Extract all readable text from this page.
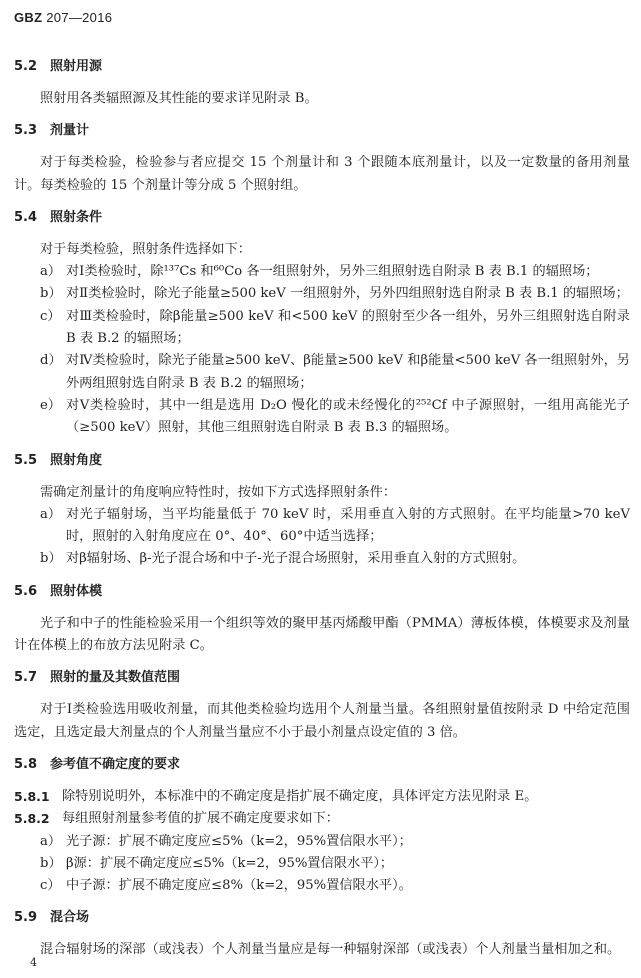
GBZ 207—2016
5.2 照射用源

照射用各类辐照源及其性能的要求详见附录 B。

5.3 剂量计

对于每类检验，检验参与者应提交 15 个剂量计和 3 个跟随本底剂量计，以及一定数量的备用剂量计。每类检验的 15 个剂量计等分成 5 个照射组。

5.4 照射条件

对于每类检验，照射条件选择如下：

a） 对Ⅰ类检验时，除¹³⁷Cs 和⁶⁰Co 各一组照射外，另外三组照射选自附录 B 表 B.1 的辐照场；
b） 对Ⅱ类检验时，除光子能量≥500 keV 一组照射外，另外四组照射选自附录 B 表 B.1 的辐照场；
c） 对Ⅲ类检验时，除β能量≥500 keV 和<500 keV 的照射至少各一组外，另外三组照射选自附录 B 表 B.2 的辐照场；
d） 对Ⅳ类检验时，除光子能量≥500 keV、β能量≥500 keV 和β能量<500 keV 各一组照射外，另外两组照射选自附录 B 表 B.2 的辐照场；
e） 对Ⅴ类检验时，其中一组是选用 D₂O 慢化的或未经慢化的²⁵²Cf 中子源照射，一组用高能光子（≥500 keV）照射，其他三组照射选自附录 B 表 B.3 的辐照场。
5.5 照射角度

需确定剂量计的角度响应特性时，按如下方式选择照射条件：

a） 对光子辐射场，当平均能量低于 70 keV 时，采用垂直入射的方式照射。在平均能量>70 keV 时，照射的入射角度应在 0°、40°、60°中适当选择；
b） 对β辐射场、β-光子混合场和中子-光子混合场照射，采用垂直入射的方式照射。
5.6 照射体模

光子和中子的性能检验采用一个组织等效的聚甲基丙烯酸甲酯（PMMA）薄板体模，体模要求及剂量计在体模上的布放方法见附录 C。

5.7 照射的量及其数值范围

对于Ⅰ类检验选用吸收剂量，而其他类检验均选用个人剂量当量。各组照射量值按附录 D 中给定范围选定，且选定最大剂量点的个人剂量当量应不小于最小剂量点设定值的 3 倍。

5.8 参考值不确定度的要求
5.8.1 除特别说明外，本标准中的不确定度是指扩展不确定度，具体评定方法见附录 E。
5.8.2 每组照射剂量参考值的扩展不确定度要求如下：
a） 光子源：扩展不确定度应≤5%（k=2，95%置信限水平）；
b） β源：扩展不确定度应≤5%（k=2，95%置信限水平）；
c） 中子源：扩展不确定度应≤8%（k=2，95%置信限水平）。
5.9 混合场

混合辐射场的深部（或浅表）个人剂量当量应是每一种辐射深部（或浅表）个人剂量当量相加之和。

4
